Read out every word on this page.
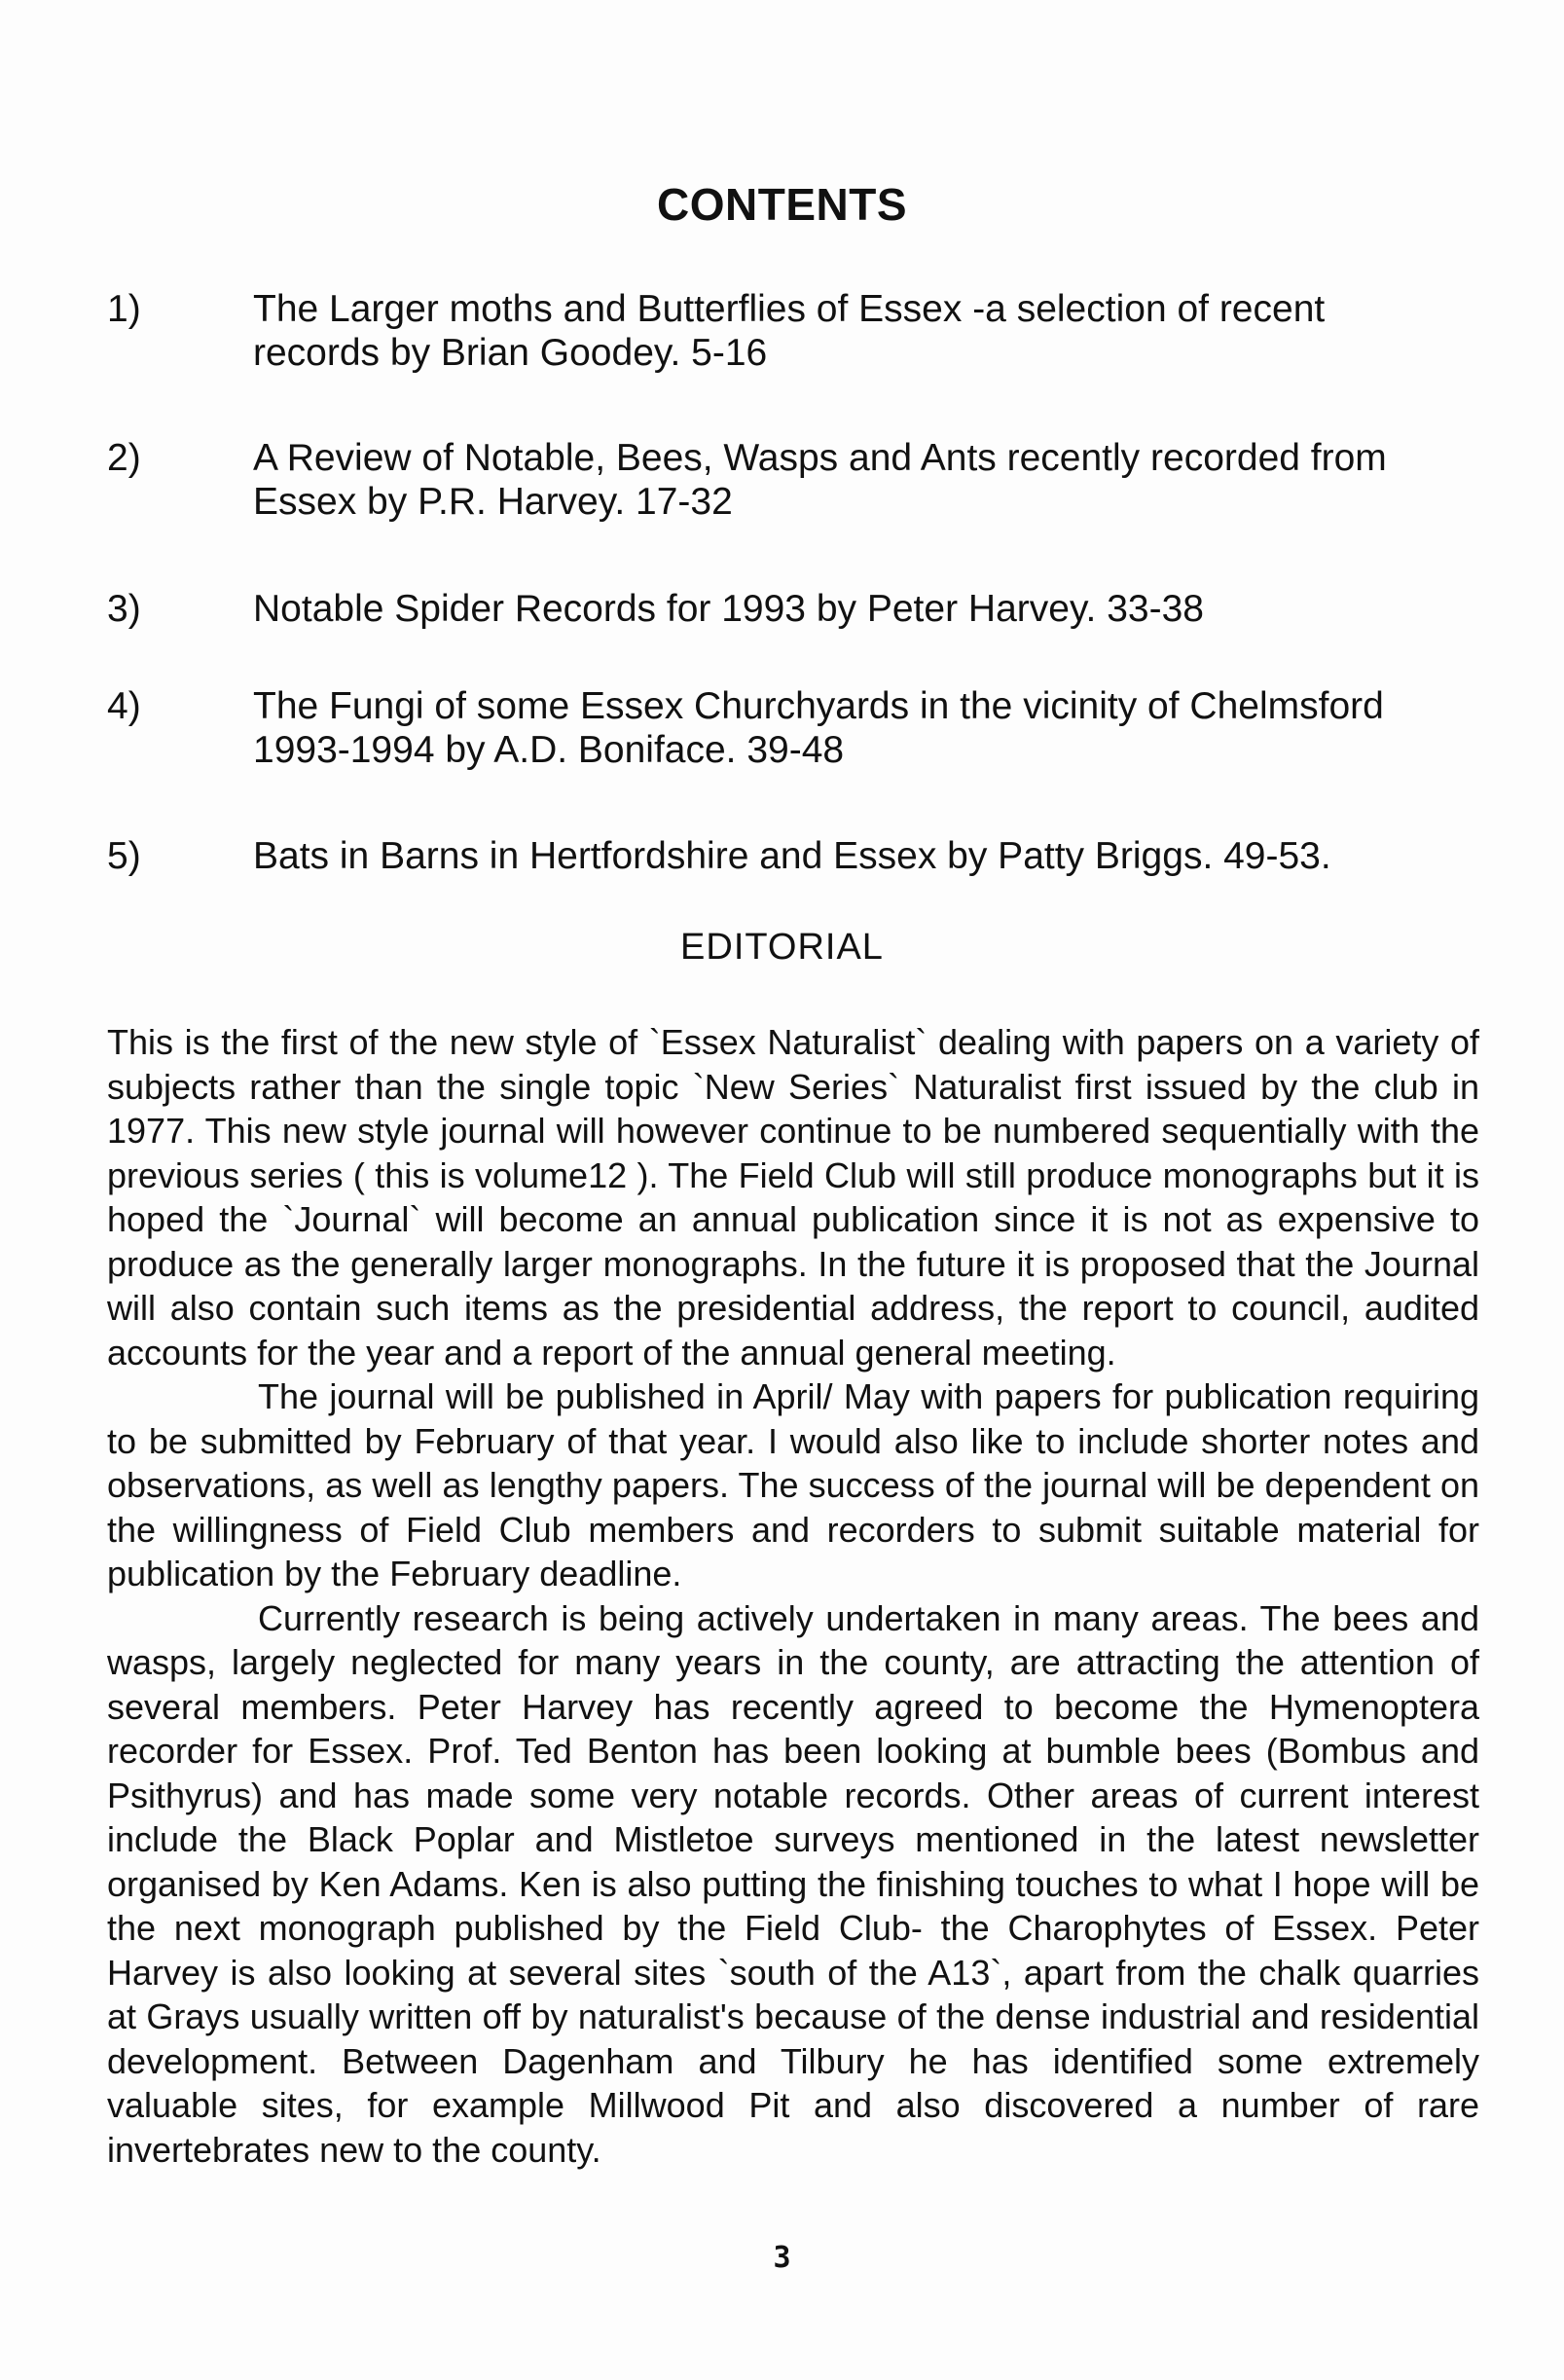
CONTENTS
1)	The Larger moths and Butterflies of Essex -a selection of recent records by Brian Goodey. 5-16
2)	A Review of Notable, Bees, Wasps and Ants recently recorded from Essex by P.R. Harvey. 17-32
3)	Notable Spider Records for 1993 by Peter Harvey. 33-38
4)	The Fungi of some Essex Churchyards in the vicinity of Chelmsford 1993-1994 by A.D. Boniface. 39-48
5)	Bats in Barns in Hertfordshire and Essex by Patty Briggs. 49-53.
EDITORIAL

This is the first of the new style of `Essex Naturalist` dealing with papers on a variety of subjects rather than the single topic `New Series` Naturalist first issued by the club in 1977. This new style journal will however continue to be numbered sequentially with the previous series ( this is volume12 ). The Field Club will still produce monographs but it is hoped the `Journal` will become an annual publication since it is not as expensive to produce as the generally larger monographs. In the future it is proposed that the Journal will also contain such items as the presidential address, the report to council, audited accounts for the year and a report of the annual general meeting.

The journal will be published in April/ May with papers for publication requiring to be submitted by February of that year. I would also like to include shorter notes and observations, as well as lengthy papers. The success of the journal will be dependent on the willingness of Field Club members and recorders to submit suitable material for publication by the February deadline.

Currently research is being actively undertaken in many areas. The bees and wasps, largely neglected for many years in the county, are attracting the attention of several members. Peter Harvey has recently agreed to become the Hymenoptera recorder for Essex. Prof. Ted Benton has been looking at bumble bees (Bombus and Psithyrus) and has made some very notable records. Other areas of current interest include the Black Poplar and Mistletoe surveys mentioned in the latest newsletter organised by Ken Adams. Ken is also putting the finishing touches to what I hope will be the next monograph published by the Field Club- the Charophytes of Essex. Peter Harvey is also looking at several sites `south of the A13`, apart from the chalk quarries at Grays usually written off by naturalist's because of the dense industrial and residential development. Between Dagenham and Tilbury he has identified some extremely valuable sites, for example Millwood Pit and also discovered a number of rare invertebrates new to the county.

3
